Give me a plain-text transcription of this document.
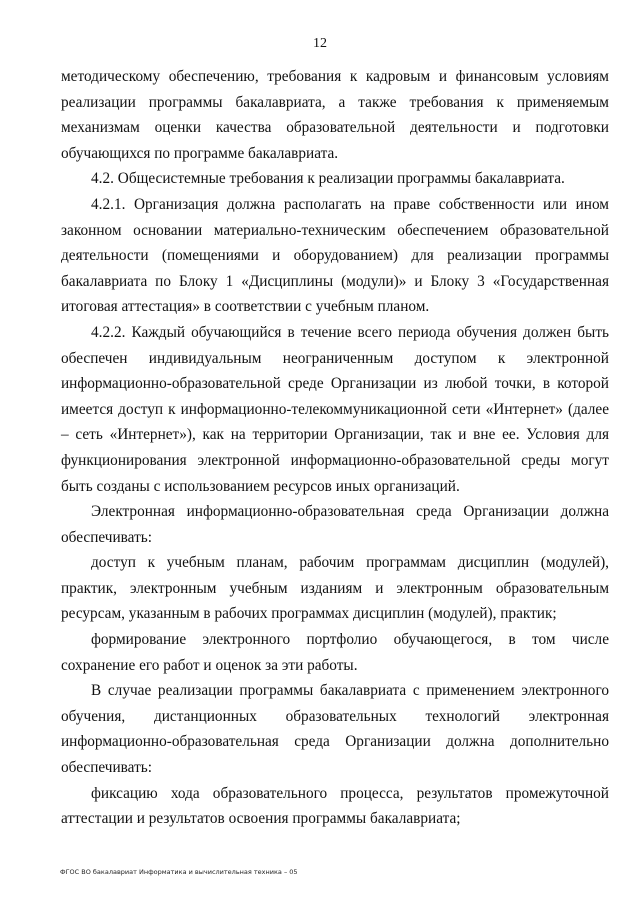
12

методическому обеспечению, требования к кадровым и финансовым условиям реализации программы бакалавриата, а также требования к применяемым механизмам оценки качества образовательной деятельности и подготовки обучающихся по программе бакалавриата.

4.2. Общесистемные требования к реализации программы бакалавриата.

4.2.1. Организация должна располагать на праве собственности или ином законном основании материально-техническим обеспечением образовательной деятельности (помещениями и оборудованием) для реализации программы бакалавриата по Блоку 1 «Дисциплины (модули)» и Блоку 3 «Государственная итоговая аттестация» в соответствии с учебным планом.

4.2.2. Каждый обучающийся в течение всего периода обучения должен быть обеспечен индивидуальным неограниченным доступом к электронной информационно-образовательной среде Организации из любой точки, в которой имеется доступ к информационно-телекоммуникационной сети «Интернет» (далее – сеть «Интернет»), как на территории Организации, так и вне ее. Условия для функционирования электронной информационно-образовательной среды могут быть созданы с использованием ресурсов иных организаций.

Электронная информационно-образовательная среда Организации должна обеспечивать:

доступ к учебным планам, рабочим программам дисциплин (модулей), практик, электронным учебным изданиям и электронным образовательным ресурсам, указанным в рабочих программах дисциплин (модулей), практик;

формирование электронного портфолио обучающегося, в том числе сохранение его работ и оценок за эти работы.

В случае реализации программы бакалавриата с применением электронного обучения, дистанционных образовательных технологий электронная информационно-образовательная среда Организации должна дополнительно обеспечивать:

фиксацию хода образовательного процесса, результатов промежуточной аттестации и результатов освоения программы бакалавриата;

ФГОС ВО бакалавриат Информатика и вычислительная техника – 05
